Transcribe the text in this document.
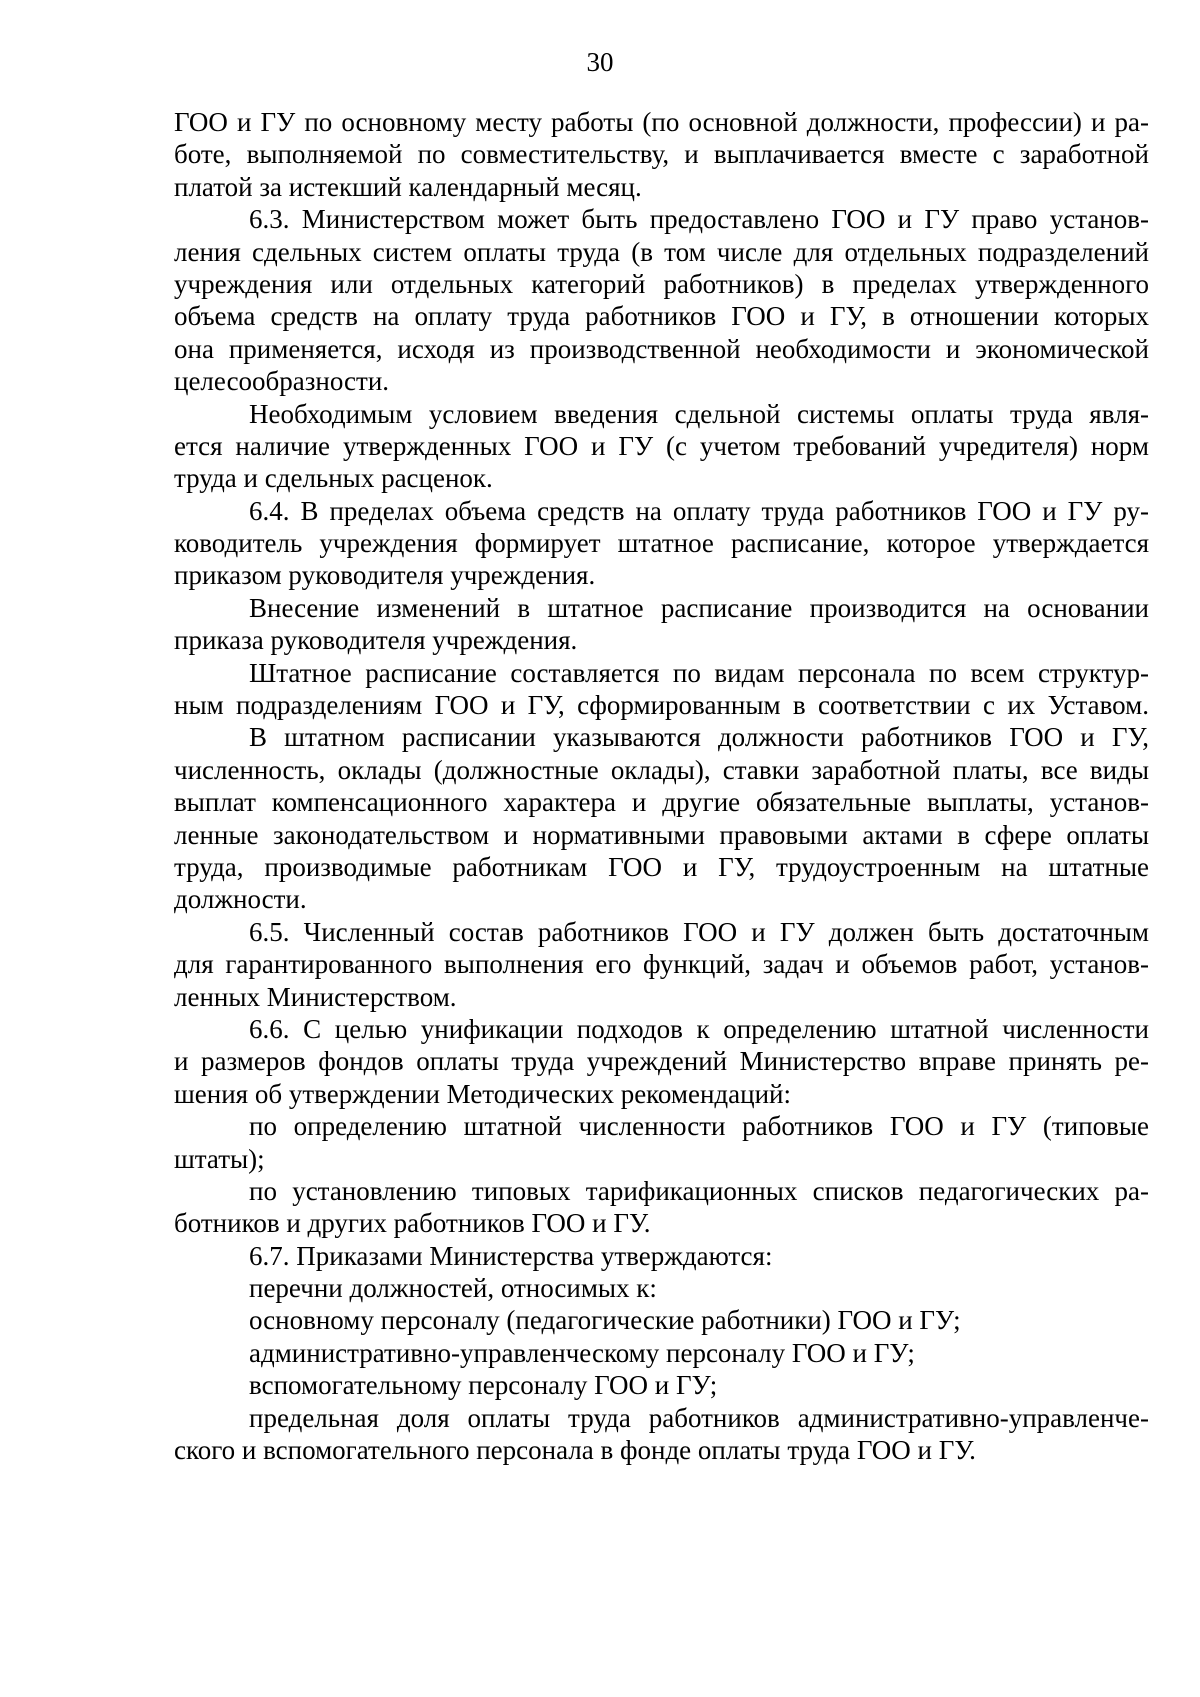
30
ГОО и ГУ по основному месту работы (по основной должности, профессии) и ра-
боте, выполняемой по совместительству, и выплачивается вместе с заработной
платой за истекший календарный месяц.
6.3. Министерством может быть предоставлено ГОО и ГУ право установ-
ления сдельных систем оплаты труда (в том числе для отдельных подразделений
учреждения или отдельных категорий работников) в пределах утвержденного
объема средств на оплату труда работников ГОО и ГУ, в отношении которых
она применяется, исходя из производственной необходимости и экономической
целесообразности.
Необходимым условием введения сдельной системы оплаты труда явля-
ется наличие утвержденных ГОО и ГУ (с учетом требований учредителя) норм
труда и сдельных расценок.
6.4. В пределах объема средств на оплату труда работников ГОО и ГУ ру-
ководитель учреждения формирует штатное расписание, которое утверждается
приказом руководителя учреждения.
Внесение изменений в штатное расписание производится на основании
приказа руководителя учреждения.
Штатное расписание составляется по видам персонала по всем структур-
ным подразделениям ГОО и ГУ, сформированным в соответствии с их Уставом.
В штатном расписании указываются должности работников ГОО и ГУ,
численность, оклады (должностные оклады), ставки заработной платы, все виды
выплат компенсационного характера и другие обязательные выплаты, установ-
ленные законодательством и нормативными правовыми актами в сфере оплаты
труда, производимые работникам ГОО и ГУ, трудоустроенным на штатные
должности.
6.5. Численный состав работников ГОО и ГУ должен быть достаточным
для гарантированного выполнения его функций, задач и объемов работ, установ-
ленных Министерством.
6.6. С целью унификации подходов к определению штатной численности
и размеров фондов оплаты труда учреждений Министерство вправе принять ре-
шения об утверждении Методических рекомендаций:
по определению штатной численности работников ГОО и ГУ (типовые
штаты);
по установлению типовых тарификационных списков педагогических ра-
ботников и других работников ГОО и ГУ.
6.7. Приказами Министерства утверждаются:
перечни должностей, относимых к:
основному персоналу (педагогические работники) ГОО и ГУ;
административно-управленческому персоналу ГОО и ГУ;
вспомогательному персоналу ГОО и ГУ;
предельная доля оплаты труда работников административно-управленче-
ского и вспомогательного персонала в фонде оплаты труда ГОО и ГУ.
